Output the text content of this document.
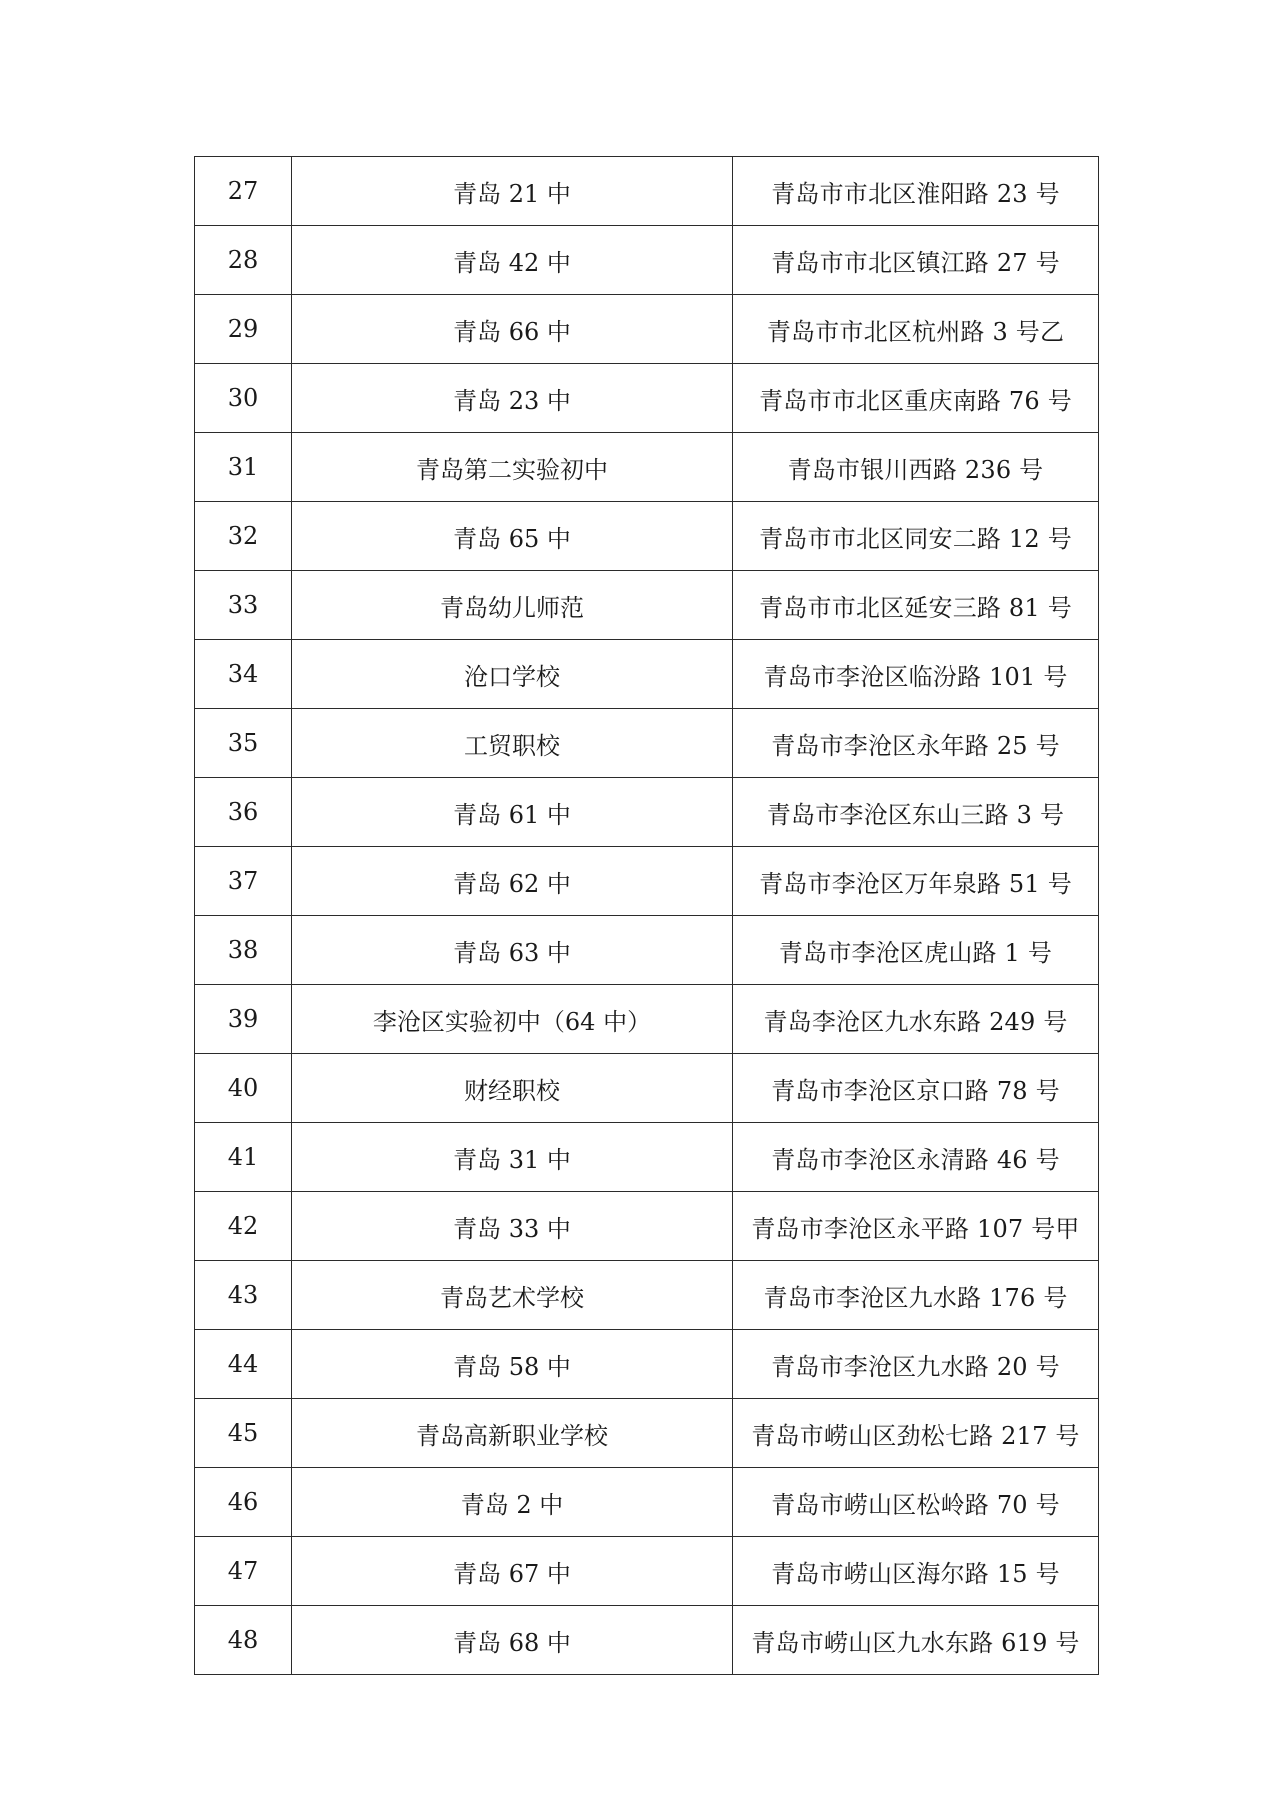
27	青岛 21 中	青岛市市北区淮阳路 23 号
28	青岛 42 中	青岛市市北区镇江路 27 号
29	青岛 66 中	青岛市市北区杭州路 3 号乙
30	青岛 23 中	青岛市市北区重庆南路 76 号
31	青岛第二实验初中	青岛市银川西路 236 号
32	青岛 65 中	青岛市市北区同安二路 12 号
33	青岛幼儿师范	青岛市市北区延安三路 81 号
34	沧口学校	青岛市李沧区临汾路 101 号
35	工贸职校	青岛市李沧区永年路 25 号
36	青岛 61 中	青岛市李沧区东山三路 3 号
37	青岛 62 中	青岛市李沧区万年泉路 51 号
38	青岛 63 中	青岛市李沧区虎山路 1 号
39	李沧区实验初中（64 中）	青岛李沧区九水东路 249 号
40	财经职校	青岛市李沧区京口路 78 号
41	青岛 31 中	青岛市李沧区永清路 46 号
42	青岛 33 中	青岛市李沧区永平路 107 号甲
43	青岛艺术学校	青岛市李沧区九水路 176 号
44	青岛 58 中	青岛市李沧区九水路 20 号
45	青岛高新职业学校	青岛市崂山区劲松七路 217 号
46	青岛 2 中	青岛市崂山区松岭路 70 号
47	青岛 67 中	青岛市崂山区海尔路 15 号
48	青岛 68 中	青岛市崂山区九水东路 619 号
